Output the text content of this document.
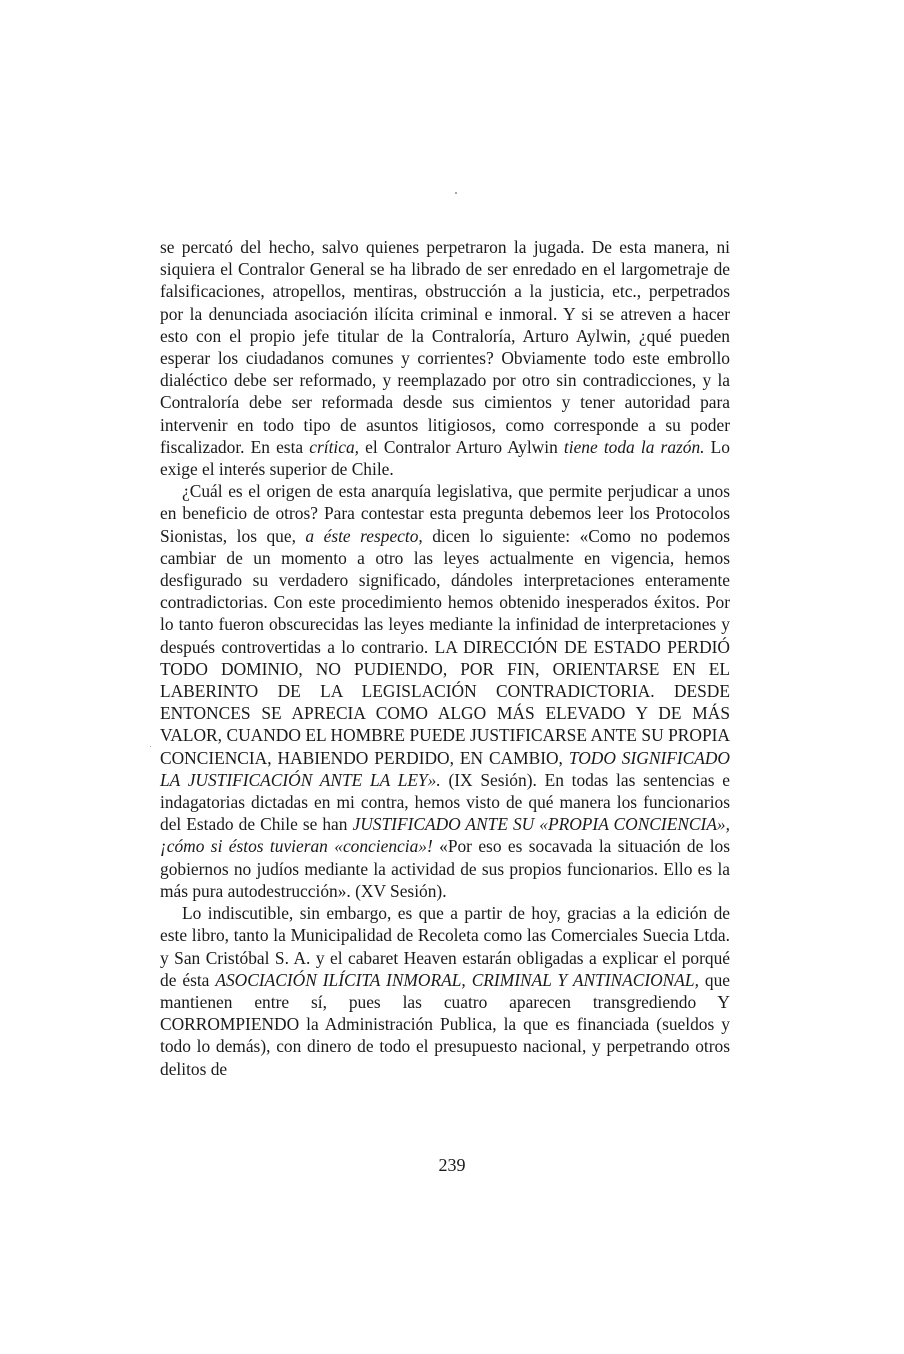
se percató del hecho, salvo quienes perpetraron la jugada. De esta manera, ni siquiera el Contralor General se ha librado de ser enredado en el largometraje de falsificaciones, atropellos, mentiras, obstrucción a la justicia, etc., perpetrados por la denunciada asociación ilícita criminal e inmoral. Y si se atreven a hacer esto con el propio jefe titular de la Contraloría, Arturo Aylwin, ¿qué pueden esperar los ciudadanos comunes y corrientes? Obviamente todo este embrollo dialéctico debe ser reformado, y reemplazado por otro sin contradicciones, y la Contraloría debe ser reformada desde sus cimientos y tener autoridad para intervenir en todo tipo de asuntos litigiosos, como corresponde a su poder fiscalizador. En esta crítica, el Contralor Arturo Aylwin tiene toda la razón. Lo exige el interés superior de Chile.

¿Cuál es el origen de esta anarquía legislativa, que permite perjudicar a unos en beneficio de otros? Para contestar esta pregunta debemos leer los Protocolos Sionistas, los que, a éste respecto, dicen lo siguiente: «Como no podemos cambiar de un momento a otro las leyes actualmente en vigencia, hemos desfigurado su verdadero significado, dándoles interpretaciones enteramente contradictorias. Con este procedimiento hemos obtenido inesperados éxitos. Por lo tanto fueron obscurecidas las leyes mediante la infinidad de interpretaciones y después controvertidas a lo contrario. LA DIRECCIÓN DE ESTADO PERDIÓ TODO DOMINIO, NO PUDIENDO, POR FIN, ORIENTARSE EN EL LABERINTO DE LA LEGISLACIÓN CONTRADICTORIA. DESDE ENTONCES SE APRECIA COMO ALGO MÁS ELEVADO Y DE MÁS VALOR, CUANDO EL HOMBRE PUEDE JUSTIFICARSE ANTE SU PROPIA CONCIENCIA, HABIENDO PERDIDO, EN CAMBIO, TODO SIGNIFICADO LA JUSTIFICACIÓN ANTE LA LEY». (IX Sesión). En todas las sentencias e indagatorias dictadas en mi contra, hemos visto de qué manera los funcionarios del Estado de Chile se han JUSTIFICADO ANTE SU «PROPIA CONCIENCIA», ¡cómo si éstos tuvieran «conciencia»! «Por eso es socavada la situación de los gobiernos no judíos mediante la actividad de sus propios funcionarios. Ello es la más pura autodestrucción». (XV Sesión).

Lo indiscutible, sin embargo, es que a partir de hoy, gracias a la edición de este libro, tanto la Municipalidad de Recoleta como las Comerciales Suecia Ltda. y San Cristóbal S. A. y el cabaret Heaven estarán obligadas a explicar el porqué de ésta ASOCIACIÓN ILÍCITA INMORAL, CRIMINAL Y ANTINACIONAL, que mantienen entre sí, pues las cuatro aparecen transgrediendo Y CORROMPIENDO la Administración Publica, la que es financiada (sueldos y todo lo demás), con dinero de todo el presupuesto nacional, y perpetrando otros delitos de

239
